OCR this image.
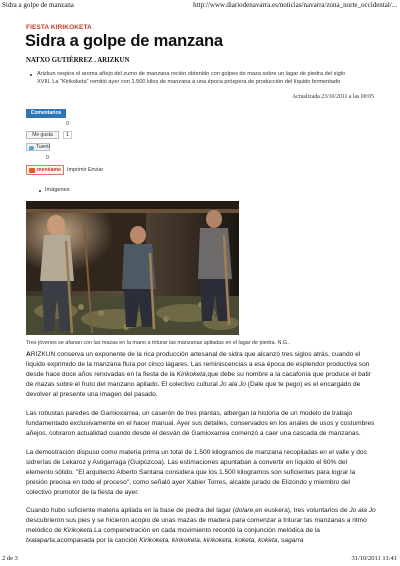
Sidra a golpe de manzana	http://www.diariodenavarra.es/noticias/navarra/zona_norte_occidental/...
FIESTA KIRIKOKETA
Sidra a golpe de manzana
NATXO GUTIÉRREZ . ARIZKUN
Arizkun respira el aroma añejo del zumo de manzana recién obtenido con golpes de maza sobre un lagar de piedra del siglo
XVIII. La "Kirikoketa" remitió ayer con 1.500 kilos de manzana a una época próspera de producción del líquido fermentado
Actualizada 23/10/2011 a las 00:05
Comentarios
0
Me gusta	1
Tuenti
0
menéame	Imprimir Enviar
Imágenes
Tres jóvenes se afanan con las mazas en la mano a triturar las manzanas apiladas en el lagar de piedra. N.G..

ARIZKUN conserva un exponente de la rica producción artesanal de sidra que alcanzó tres siglos atrás, cuando el líquido exprimido de la manzana fluía por cinco lagares. Las reminiscencias a esa época de esplendor productiva son desde hace doce años renovadas en la fiesta de la Kirikoketa,que debe su nombre a la cacafonía que produce el batir de mazas sobre el fruto del manzano apilado. El colectivo cultural Jo ala Jo (Dale que te pego) es el encargado de devolver al presente una imagen del pasado.

Las robustas paredes de Gamioxarrea, un caserón de tres plantas, albergan la historia de un modelo de trabajo fundamentado exclusivamente en el hacer manual. Ayer sus detalles, conservados en los anales de usos y costumbres añejos, cobraron actualidad cuando desde el desván de Gamioxarrea comenzó a caer una cascada de manzanas.

La demostración dispuso como materia prima un total de 1.500 kilogramos de manzana recopiladas en el valle y dos sidrerías de Lekaroz y Astigarraga (Guipúzcoa). Las estimaciones apuntaban a convertir en líquido el 60% del elemento sólido. "El arquitecto Alberto Santana considera que los 1.500 kilogramos son suficientes para lograr la presión precisa en todo el proceso", como señaló ayer Xabier Torres, alcalde jurado de Elizondo y miembro del colectivo promotor de la fiesta de ayer.

Cuando hubo suficiente materia apilada en la base de piedra del lagar (dolare,en euskera), tres voluntarios de Jo ala Jo descubrieron sus pies y se hicieron acopio de unas mazas de madera para comenzar a triturar las manzanas a ritmo melódico de Kirikoketa.La compenetración en cada movimiento recordó la conjunción melódica de la txalaparta,acompasada por la canción Kirikoketa, kirikoketa, kirikoketa, koketa, koketa, sagarra

2 de 3	31/10/2011 11:41
